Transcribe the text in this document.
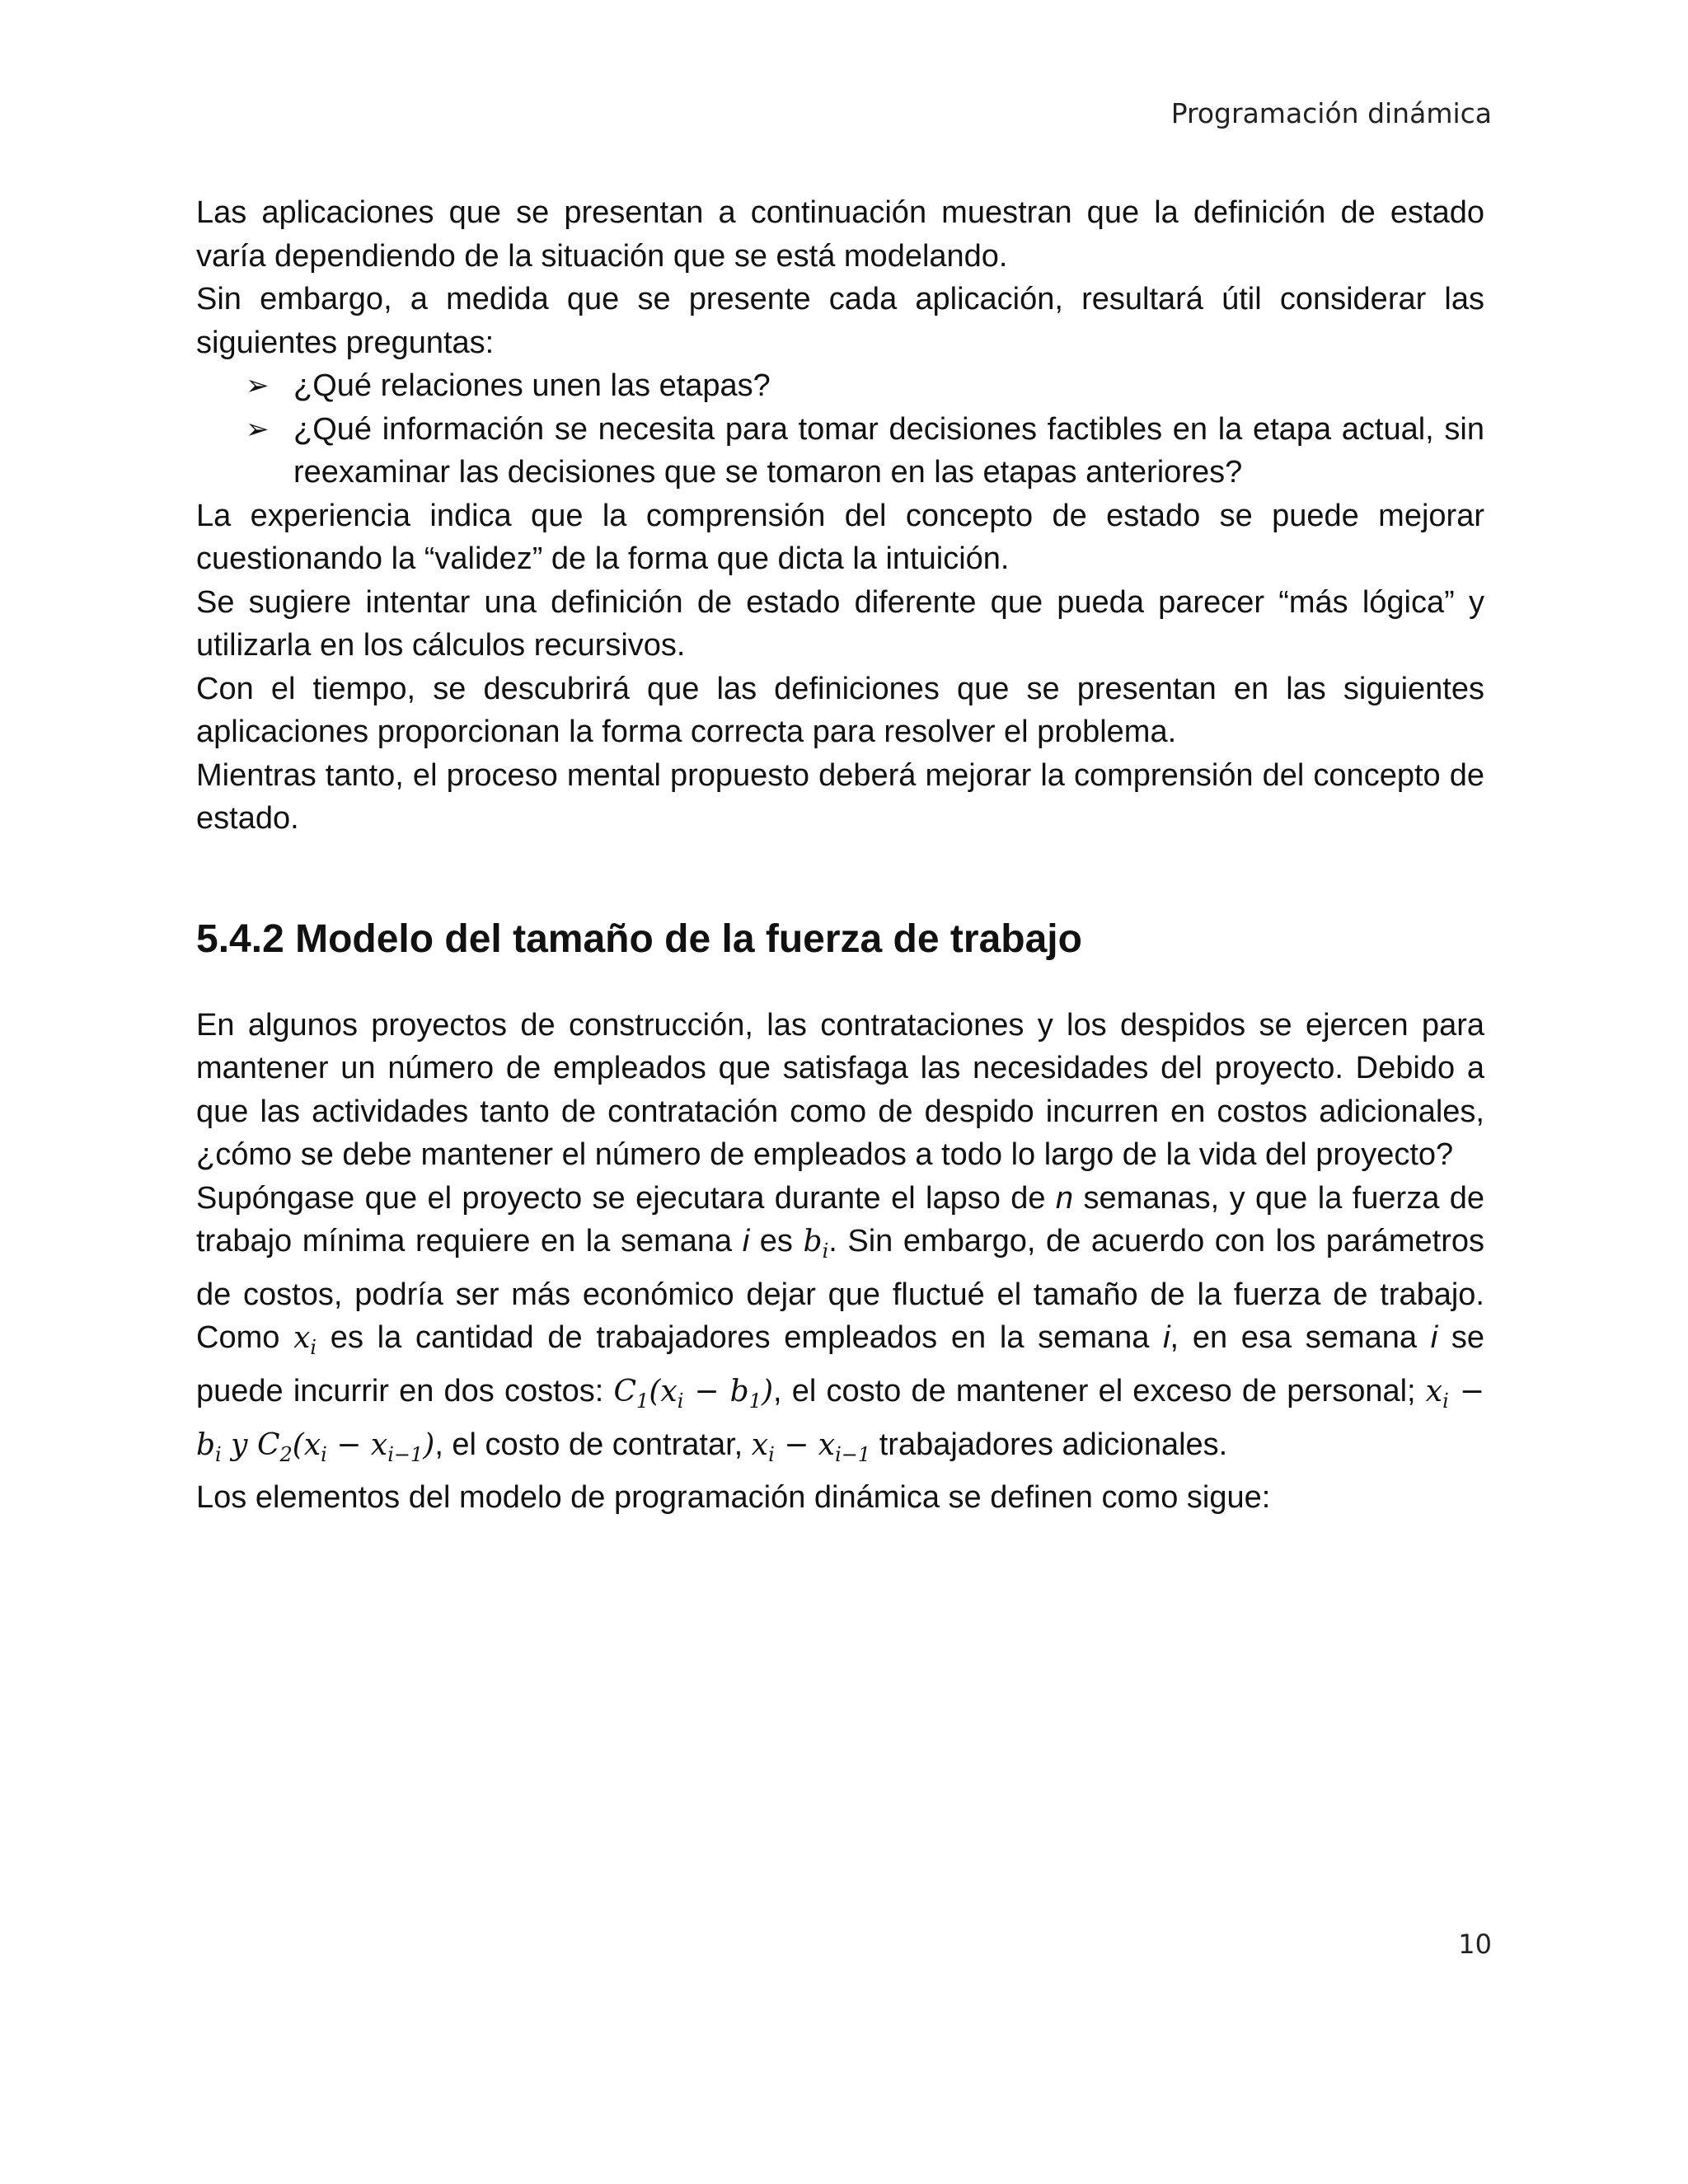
Programación dinámica

Las aplicaciones que se presentan a continuación muestran que la definición de estado varía dependiendo de la situación que se está modelando.

Sin embargo, a medida que se presente cada aplicación, resultará útil considerar las siguientes preguntas:

➢ ¿Qué relaciones unen las etapas?
➢ ¿Qué información se necesita para tomar decisiones factibles en la etapa actual, sin reexaminar las decisiones que se tomaron en las etapas anteriores?

La experiencia indica que la comprensión del concepto de estado se puede mejorar cuestionando la “validez” de la forma que dicta la intuición.

Se sugiere intentar una definición de estado diferente que pueda parecer “más lógica” y utilizarla en los cálculos recursivos.

Con el tiempo, se descubrirá que las definiciones que se presentan en las siguientes aplicaciones proporcionan la forma correcta para resolver el problema.

Mientras tanto, el proceso mental propuesto deberá mejorar la comprensión del concepto de estado.

5.4.2 Modelo del tamaño de la fuerza de trabajo

En algunos proyectos de construcción, las contrataciones y los despidos se ejercen para mantener un número de empleados que satisfaga las necesidades del proyecto. Debido a que las actividades tanto de contratación como de despido incurren en costos adicionales, ¿cómo se debe mantener el número de empleados a todo lo largo de la vida del proyecto?

Supóngase que el proyecto se ejecutara durante el lapso de n semanas, y que la fuerza de trabajo mínima requiere en la semana i es $b_i$. Sin embargo, de acuerdo con los parámetros de costos, podría ser más económico dejar que fluctué el tamaño de la fuerza de trabajo. Como $x_i$ es la cantidad de trabajadores empleados en la semana i, en esa semana i se puede incurrir en dos costos: $C_1(x_i - b_1)$, el costo de mantener el exceso de personal; $x_i - b_i$ y $C_2(x_i - x_{i-1})$, el costo de contratar, $x_i - x_{i-1}$ trabajadores adicionales.

Los elementos del modelo de programación dinámica se definen como sigue:

10
